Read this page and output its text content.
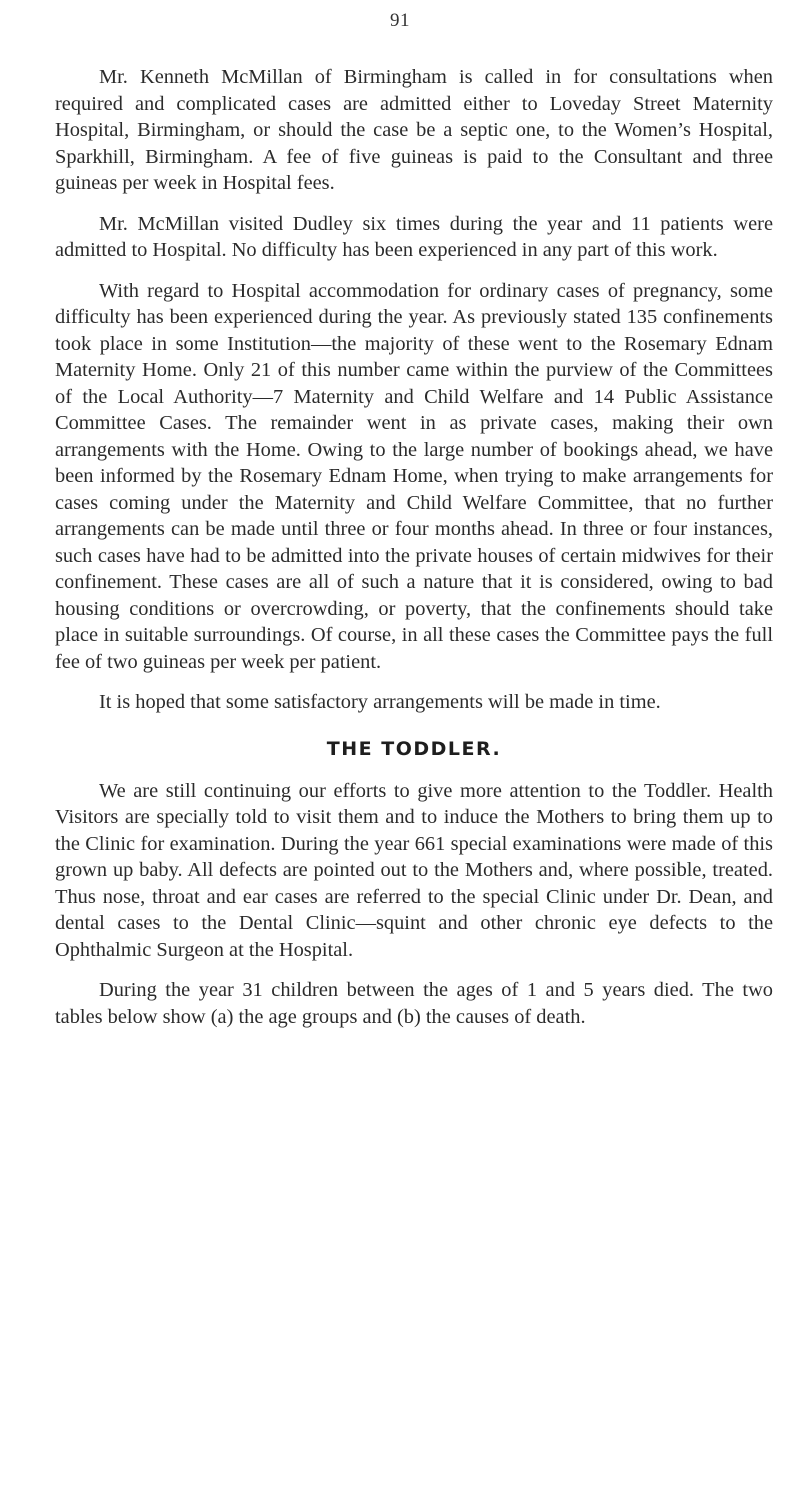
91

Mr. Kenneth McMillan of Birmingham is called in for consultations when required and complicated cases are admitted either to Loveday Street Maternity Hospital, Birmingham, or should the case be a septic one, to the Women’s Hospital, Sparkhill, Birmingham. A fee of five guineas is paid to the Consultant and three guineas per week in Hospital fees.

Mr. McMillan visited Dudley six times during the year and 11 patients were admitted to Hospital. No difficulty has been experienced in any part of this work.

With regard to Hospital accommodation for ordinary cases of pregnancy, some difficulty has been experienced during the year. As previously stated 135 confinements took place in some Institution—the majority of these went to the Rosemary Ednam Maternity Home. Only 21 of this number came within the purview of the Committees of the Local Authority—7 Maternity and Child Welfare and 14 Public Assistance Committee Cases. The remainder went in as private cases, making their own arrangements with the Home. Owing to the large number of bookings ahead, we have been informed by the Rosemary Ednam Home, when trying to make arrangements for cases coming under the Maternity and Child Welfare Committee, that no further arrangements can be made until three or four months ahead. In three or four instances, such cases have had to be admitted into the private houses of certain midwives for their confinement. These cases are all of such a nature that it is considered, owing to bad housing conditions or overcrowding, or poverty, that the confinements should take place in suitable surroundings. Of course, in all these cases the Committee pays the full fee of two guineas per week per patient.

It is hoped that some satisfactory arrangements will be made in time.

THE TODDLER.

We are still continuing our efforts to give more attention to the Toddler. Health Visitors are specially told to visit them and to induce the Mothers to bring them up to the Clinic for examination. During the year 661 special examinations were made of this grown up baby. All defects are pointed out to the Mothers and, where possible, treated. Thus nose, throat and ear cases are referred to the special Clinic under Dr. Dean, and dental cases to the Dental Clinic—squint and other chronic eye defects to the Ophthalmic Surgeon at the Hospital.

During the year 31 children between the ages of 1 and 5 years died. The two tables below show (a) the age groups and (b) the causes of death.
